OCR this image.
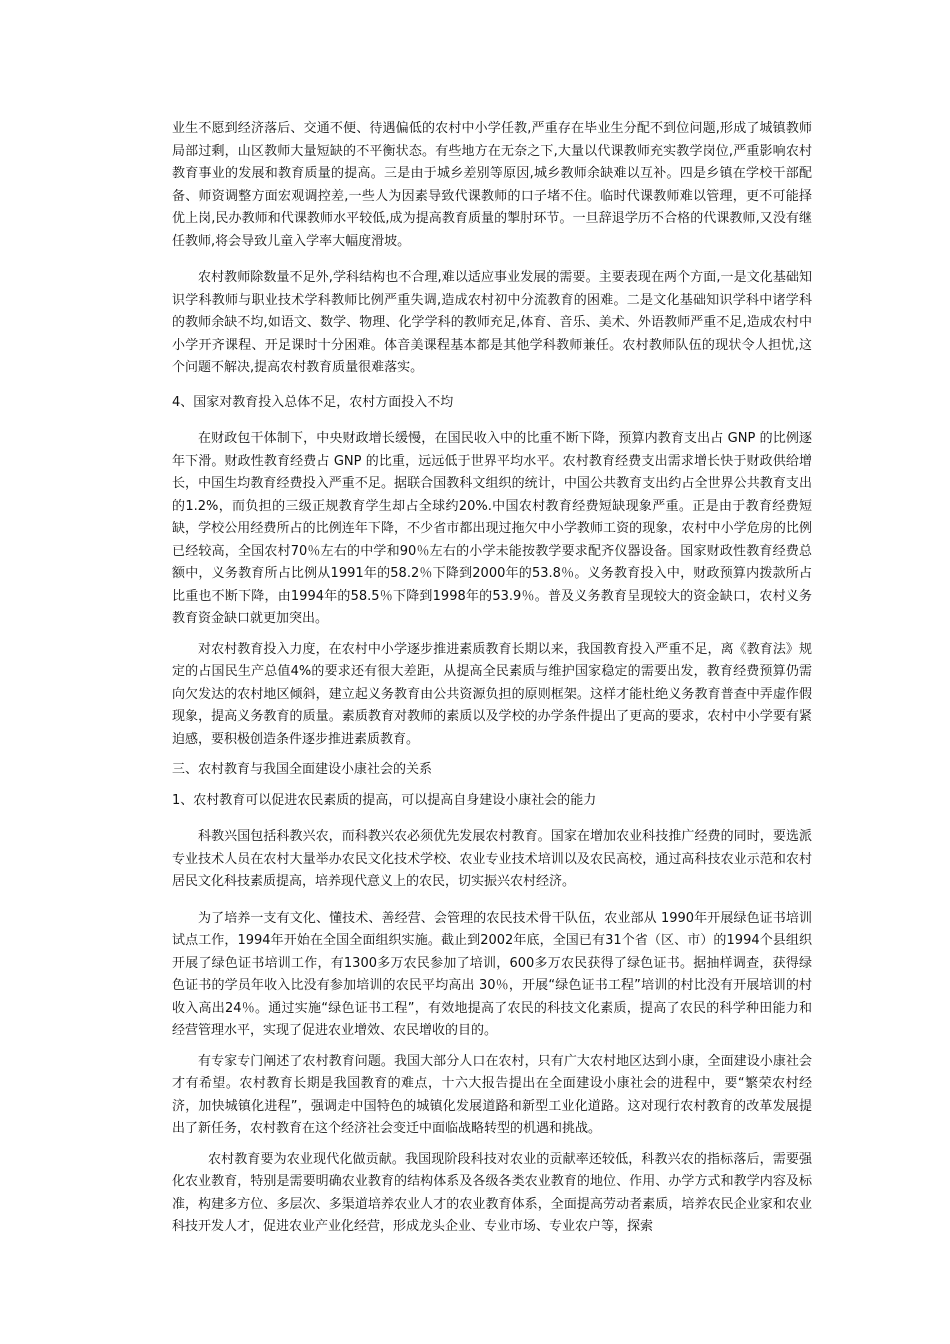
业生不愿到经济落后、交通不便、待遇偏低的农村中小学任教,严重存在毕业生分配不到位问题,形成了城镇教师局部过剩，山区教师大量短缺的不平衡状态。有些地方在无奈之下,大量以代课教师充实教学岗位,严重影响农村教育事业的发展和教育质量的提高。三是由于城乡差别等原因,城乡教师余缺难以互补。四是乡镇在学校干部配备、师资调整方面宏观调控差,一些人为因素导致代课教师的口子堵不住。临时代课教师难以管理，更不可能择优上岗,民办教师和代课教师水平较低,成为提高教育质量的掣肘环节。一旦辞退学历不合格的代课教师,又没有继任教师,将会导致儿童入学率大幅度滑坡。

农村教师除数量不足外,学科结构也不合理,难以适应事业发展的需要。主要表现在两个方面,一是文化基础知识学科教师与职业技术学科教师比例严重失调,造成农村初中分流教育的困难。二是文化基础知识学科中诸学科的教师余缺不均,如语文、数学、物理、化学学科的教师充足,体育、音乐、美术、外语教师严重不足,造成农村中小学开齐课程、开足课时十分困难。体音美课程基本都是其他学科教师兼任。农村教师队伍的现状令人担忧,这个问题不解决,提高农村教育质量很难落实。

4、国家对教育投入总体不足，农村方面投入不均

在财政包干体制下，中央财政增长缓慢，在国民收入中的比重不断下降，预算内教育支出占 GNP 的比例逐年下滑。财政性教育经费占 GNP 的比重，远远低于世界平均水平。农村教育经费支出需求增长快于财政供给增长，中国生均教育经费投入严重不足。据联合国教科文组织的统计，中国公共教育支出约占全世界公共教育支出的1.2%，而负担的三级正规教育学生却占全球约20%.中国农村教育经费短缺现象严重。正是由于教育经费短缺，学校公用经费所占的比例连年下降，不少省市都出现过拖欠中小学教师工资的现象，农村中小学危房的比例已经较高，全国农村70％左右的中学和90％左右的小学未能按教学要求配齐仪器设备。国家财政性教育经费总额中，义务教育所占比例从1991年的58.2％下降到2000年的53.8％。义务教育投入中，财政预算内拨款所占比重也不断下降，由1994年的58.5％下降到1998年的53.9％。普及义务教育呈现较大的资金缺口，农村义务教育资金缺口就更加突出。

对农村教育投入力度，在农村中小学逐步推进素质教育长期以来，我国教育投入严重不足，离《教育法》规定的占国民生产总值4%的要求还有很大差距，从提高全民素质与维护国家稳定的需要出发，教育经费预算仍需向欠发达的农村地区倾斜，建立起义务教育由公共资源负担的原则框架。这样才能杜绝义务教育普查中弄虚作假现象，提高义务教育的质量。素质教育对教师的素质以及学校的办学条件提出了更高的要求，农村中小学要有紧迫感，要积极创造条件逐步推进素质教育。

三、农村教育与我国全面建设小康社会的关系

1、农村教育可以促进农民素质的提高，可以提高自身建设小康社会的能力

科教兴国包括科教兴农，而科教兴农必须优先发展农村教育。国家在增加农业科技推广经费的同时，要选派专业技术人员在农村大量举办农民文化技术学校、农业专业技术培训以及农民高校，通过高科技农业示范和农村居民文化科技素质提高，培养现代意义上的农民，切实振兴农村经济。

为了培养一支有文化、懂技术、善经营、会管理的农民技术骨干队伍，农业部从 1990年开展绿色证书培训试点工作，1994年开始在全国全面组织实施。截止到2002年底，全国已有31个省（区、市）的1994个县组织开展了绿色证书培训工作，有1300多万农民参加了培训，600多万农民获得了绿色证书。据抽样调查，获得绿色证书的学员年收入比没有参加培训的农民平均高出 30％，开展“绿色证书工程”培训的村比没有开展培训的村收入高出24％。通过实施“绿色证书工程”，有效地提高了农民的科技文化素质，提高了农民的科学种田能力和经营管理水平，实现了促进农业增效、农民增收的目的。

有专家专门阐述了农村教育问题。我国大部分人口在农村，只有广大农村地区达到小康，全面建设小康社会才有希望。农村教育长期是我国教育的难点，十六大报告提出在全面建设小康社会的进程中，要“繁荣农村经济，加快城镇化进程”，强调走中国特色的城镇化发展道路和新型工业化道路。这对现行农村教育的改革发展提出了新任务，农村教育在这个经济社会变迁中面临战略转型的机遇和挑战。

农村教育要为农业现代化做贡献。我国现阶段科技对农业的贡献率还较低，科教兴农的指标落后，需要强化农业教育，特别是需要明确农业教育的结构体系及各级各类农业教育的地位、作用、办学方式和教学内容及标准，构建多方位、多层次、多渠道培养农业人才的农业教育体系，全面提高劳动者素质，培养农民企业家和农业科技开发人才，促进农业产业化经营，形成龙头企业、专业市场、专业农户等，探索
